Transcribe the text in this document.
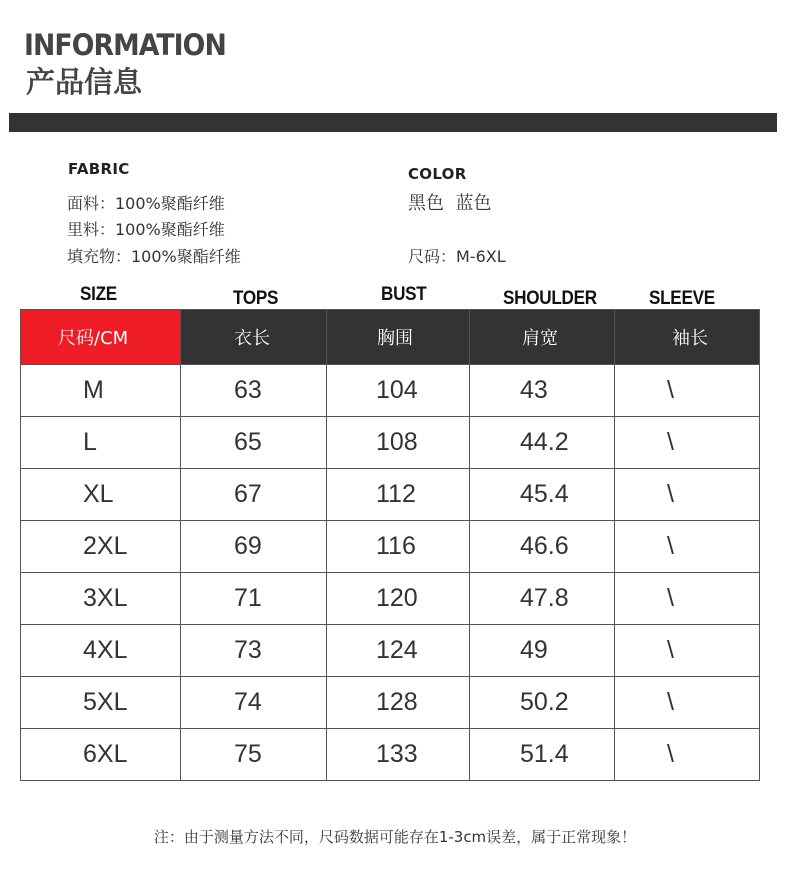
INFORMATION
产品信息
FABRIC
面料：100%聚酯纤维
里料：100%聚酯纤维
填充物：100%聚酯纤维
COLOR
黑色  蓝色
尺码：M-6XL
SIZE	TOPS	BUST	SHOULDER	SLEEVE
尺码/CM	衣长	胸围	肩宽	袖长
M	63	104	43	\
L	65	108	44.2	\
XL	67	112	45.4	\
2XL	69	116	46.6	\
3XL	71	120	47.8	\
4XL	73	124	49	\
5XL	74	128	50.2	\
6XL	75	133	51.4	\
注：由于测量方法不同，尺码数据可能存在1-3cm误差，属于正常现象！
